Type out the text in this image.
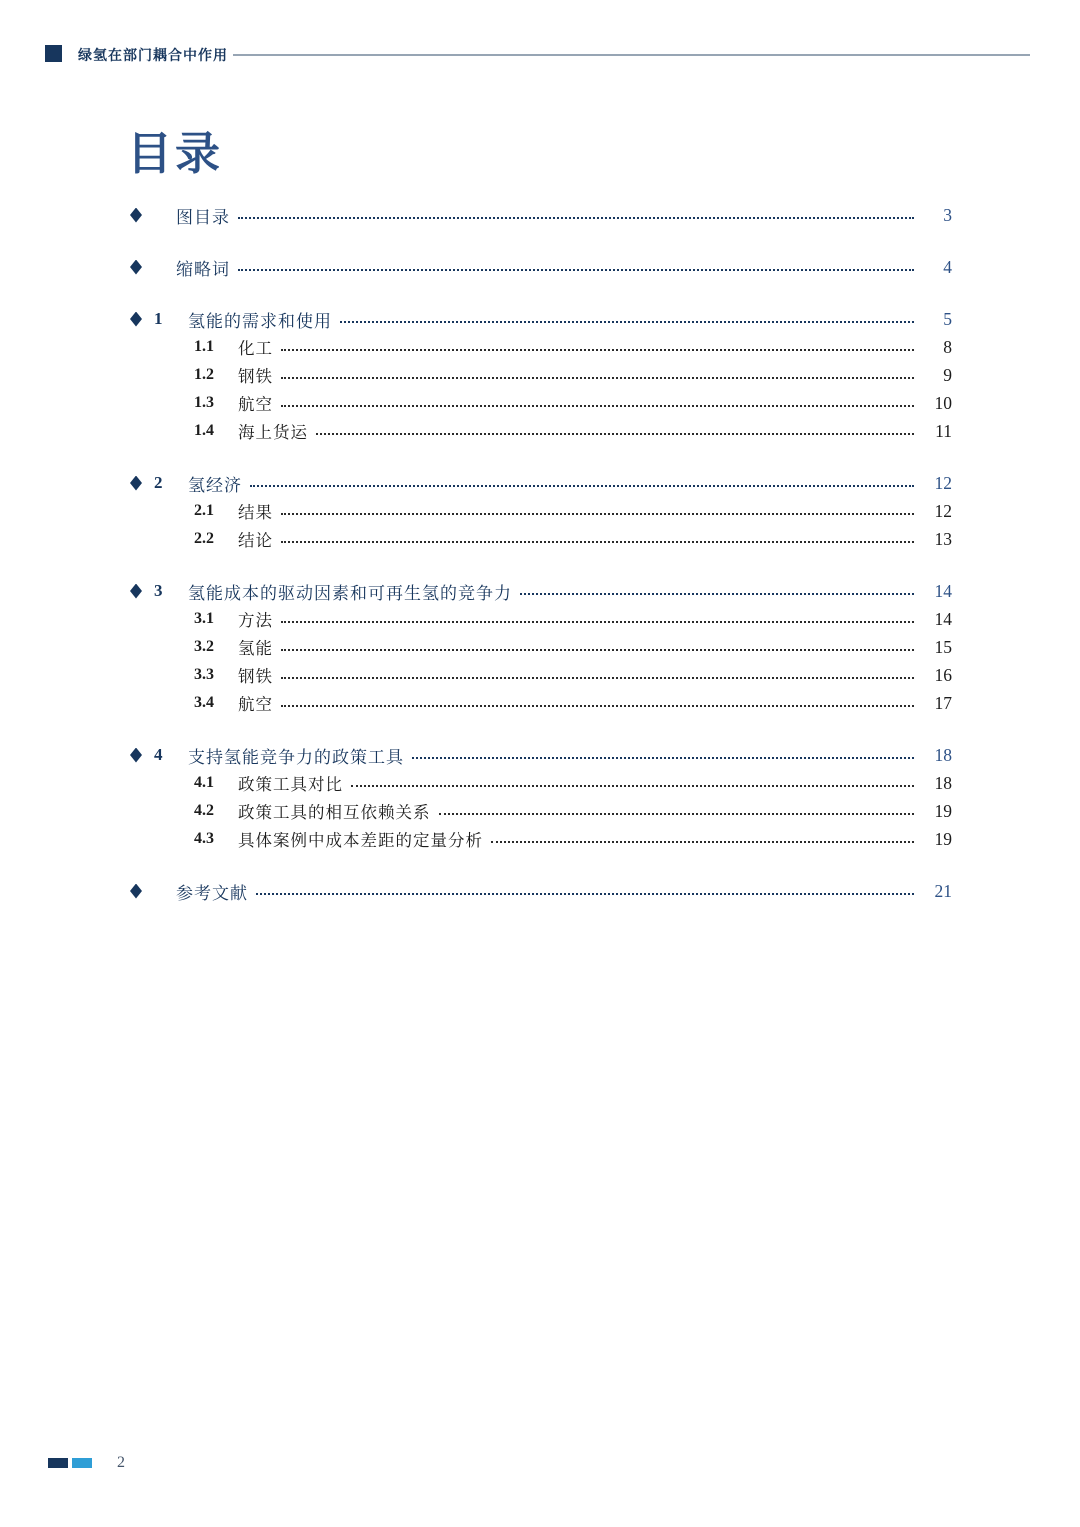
绿氢在部门耦合中作用
目录
图目录	3
缩略词	4
1	氢能的需求和使用	5
1.1	化工	8
1.2	钢铁	9
1.3	航空	10
1.4	海上货运	11
2	氢经济	12
2.1	结果	12
2.2	结论	13
3	氢能成本的驱动因素和可再生氢的竞争力	14
3.1	方法	14
3.2	氢能	15
3.3	钢铁	16
3.4	航空	17
4	支持氢能竞争力的政策工具	18
4.1	政策工具对比	18
4.2	政策工具的相互依赖关系	19
4.3	具体案例中成本差距的定量分析	19
参考文献	21
2
